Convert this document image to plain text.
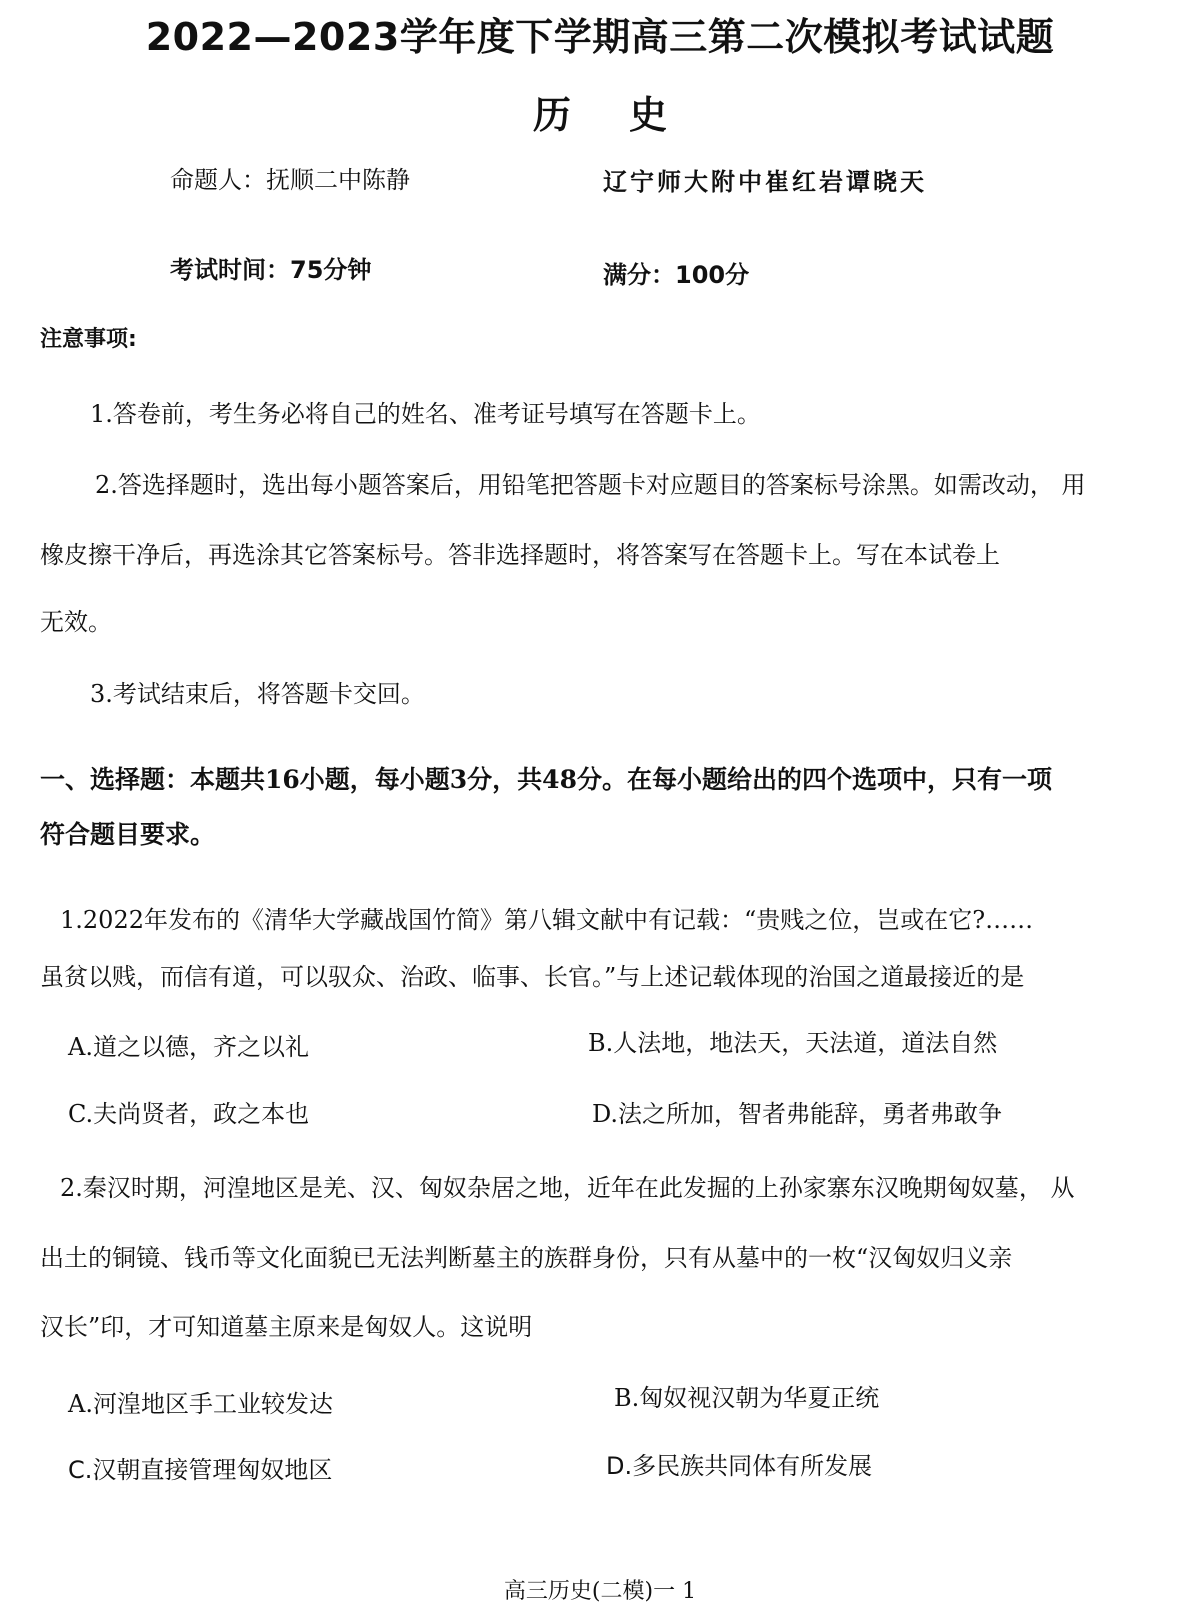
2022—2023学年度下学期高三第二次模拟考试试题
历史
命题人：抚顺二中陈静	辽宁师大附中崔红岩谭晓天
考试时间：75分钟	满分：100分
注意事项:
1.答卷前，考生务必将自己的姓名、准考证号填写在答题卡上。
2.答选择题时，选出每小题答案后，用铅笔把答题卡对应题目的答案标号涂黑。如需改动， 用
橡皮擦干净后，再选涂其它答案标号。答非选择题时，将答案写在答题卡上。写在本试卷上
无效。
3.考试结束后，将答题卡交回。
一、选择题：本题共16小题，每小题3分，共48分。在每小题给出的四个选项中，只有一项
符合题目要求。
1.2022年发布的《清华大学藏战国竹简》第八辑文献中有记载：“贵贱之位，岂或在它?……
虽贫以贱，而信有道，可以驭众、治政、临事、长官。”与上述记载体现的治国之道最接近的是
A.道之以德，齐之以礼	B.人法地，地法天，天法道，道法自然
C.夫尚贤者，政之本也	D.法之所加，智者弗能辞，勇者弗敢争
2.秦汉时期，河湟地区是羌、汉、匈奴杂居之地，近年在此发掘的上孙家寨东汉晚期匈奴墓， 从
出土的铜镜、钱币等文化面貌已无法判断墓主的族群身份，只有从墓中的一枚“汉匈奴归义亲
汉长”印，才可知道墓主原来是匈奴人。这说明
A.河湟地区手工业较发达	B.匈奴视汉朝为华夏正统
C.汉朝直接管理匈奴地区	D.多民族共同体有所发展
高三历史(二模)一 1
